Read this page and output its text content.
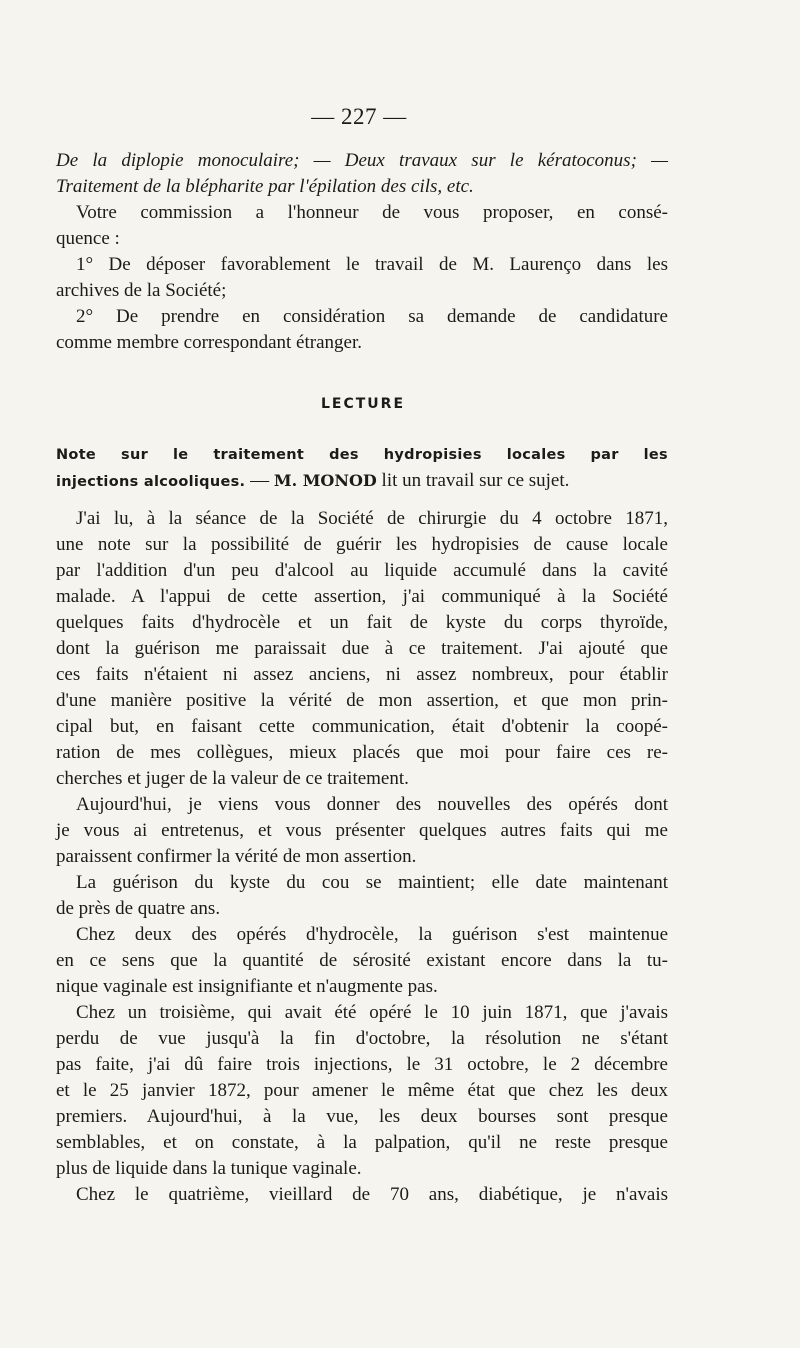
— 227 —
De la diplopie monoculaire; — Deux travaux sur le kératoconus; —
Traitement de la blépharite par l'épilation des cils, etc.
Votre commission a l'honneur de vous proposer, en consé-
quence :
1° De déposer favorablement le travail de M. Laurenço dans les
archives de la Société;
2° De prendre en considération sa demande de candidature
comme membre correspondant étranger.
LECTURE
Note sur le traitement des hydropisies locales par les
injections alcooliques. — M. MONOD lit un travail sur ce sujet.
J'ai lu, à la séance de la Société de chirurgie du 4 octobre 1871,
une note sur la possibilité de guérir les hydropisies de cause locale
par l'addition d'un peu d'alcool au liquide accumulé dans la cavité
malade. A l'appui de cette assertion, j'ai communiqué à la Société
quelques faits d'hydrocèle et un fait de kyste du corps thyroïde,
dont la guérison me paraissait due à ce traitement. J'ai ajouté que
ces faits n'étaient ni assez anciens, ni assez nombreux, pour établir
d'une manière positive la vérité de mon assertion, et que mon prin-
cipal but, en faisant cette communication, était d'obtenir la coopé-
ration de mes collègues, mieux placés que moi pour faire ces re-
cherches et juger de la valeur de ce traitement.
Aujourd'hui, je viens vous donner des nouvelles des opérés dont
je vous ai entretenus, et vous présenter quelques autres faits qui me
paraissent confirmer la vérité de mon assertion.
La guérison du kyste du cou se maintient; elle date maintenant
de près de quatre ans.
Chez deux des opérés d'hydrocèle, la guérison s'est maintenue
en ce sens que la quantité de sérosité existant encore dans la tu-
nique vaginale est insignifiante et n'augmente pas.
Chez un troisième, qui avait été opéré le 10 juin 1871, que j'avais
perdu de vue jusqu'à la fin d'octobre, la résolution ne s'étant
pas faite, j'ai dû faire trois injections, le 31 octobre, le 2 décembre
et le 25 janvier 1872, pour amener le même état que chez les deux
premiers. Aujourd'hui, à la vue, les deux bourses sont presque
semblables, et on constate, à la palpation, qu'il ne reste presque
plus de liquide dans la tunique vaginale.
Chez le quatrième, vieillard de 70 ans, diabétique, je n'avais
